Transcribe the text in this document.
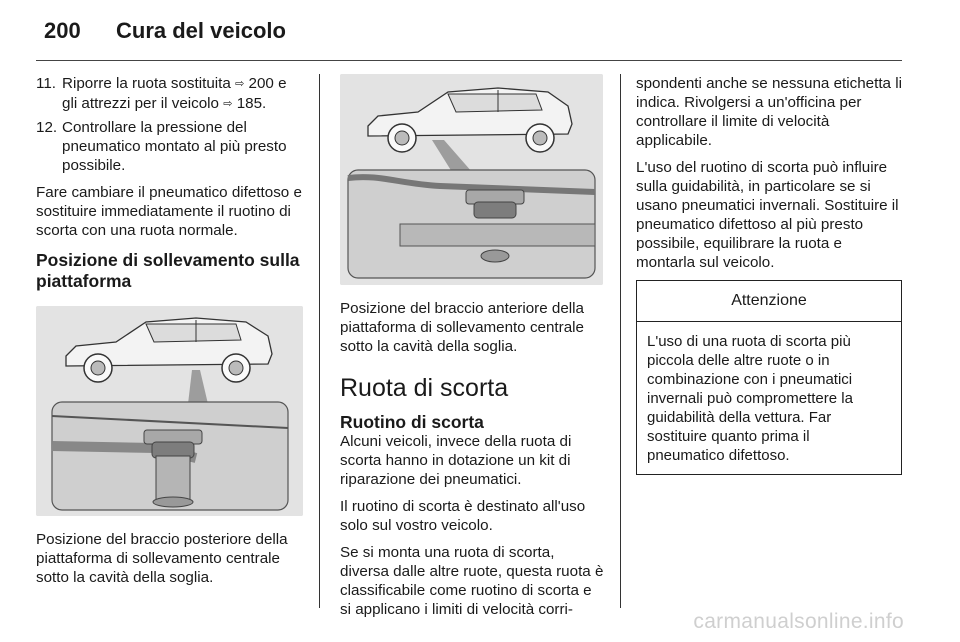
200 Cura del veicolo
11. Riporre la ruota sostituita ⇨ 200 e gli attrezzi per il veicolo ⇨ 185.
12. Controllare la pressione del pneumatico montato al più presto possibile.

Fare cambiare il pneumatico difettoso e sostituire immediatamente il ruotino di scorta con una ruota normale.

Posizione di sollevamento sulla piattaforma

Posizione del braccio posteriore della piattaforma di sollevamento centrale sotto la cavità della soglia.

Posizione del braccio anteriore della piattaforma di sollevamento centrale sotto la cavità della soglia.

Ruota di scorta
Ruotino di scorta

Alcuni veicoli, invece della ruota di scorta hanno in dotazione un kit di riparazione dei pneumatici.

Il ruotino di scorta è destinato all'uso solo sul vostro veicolo.

Se si monta una ruota di scorta, diversa dalle altre ruote, questa ruota è classificabile come ruotino di scorta e si applicano i limiti di velocità corri-

spondenti anche se nessuna etichetta li indica. Rivolgersi a un'officina per controllare il limite di velocità applicabile.

L'uso del ruotino di scorta può influire sulla guidabilità, in particolare se si usano pneumatici invernali. Sostituire il pneumatico difettoso al più presto possibile, equilibrare la ruota e montarla sul veicolo.

Attenzione
L'uso di una ruota di scorta più piccola delle altre ruote o in combinazione con i pneumatici invernali può compromettere la guidabilità della vettura. Far sostituire quanto prima il pneumatico difettoso.
carmanualsonline.info
